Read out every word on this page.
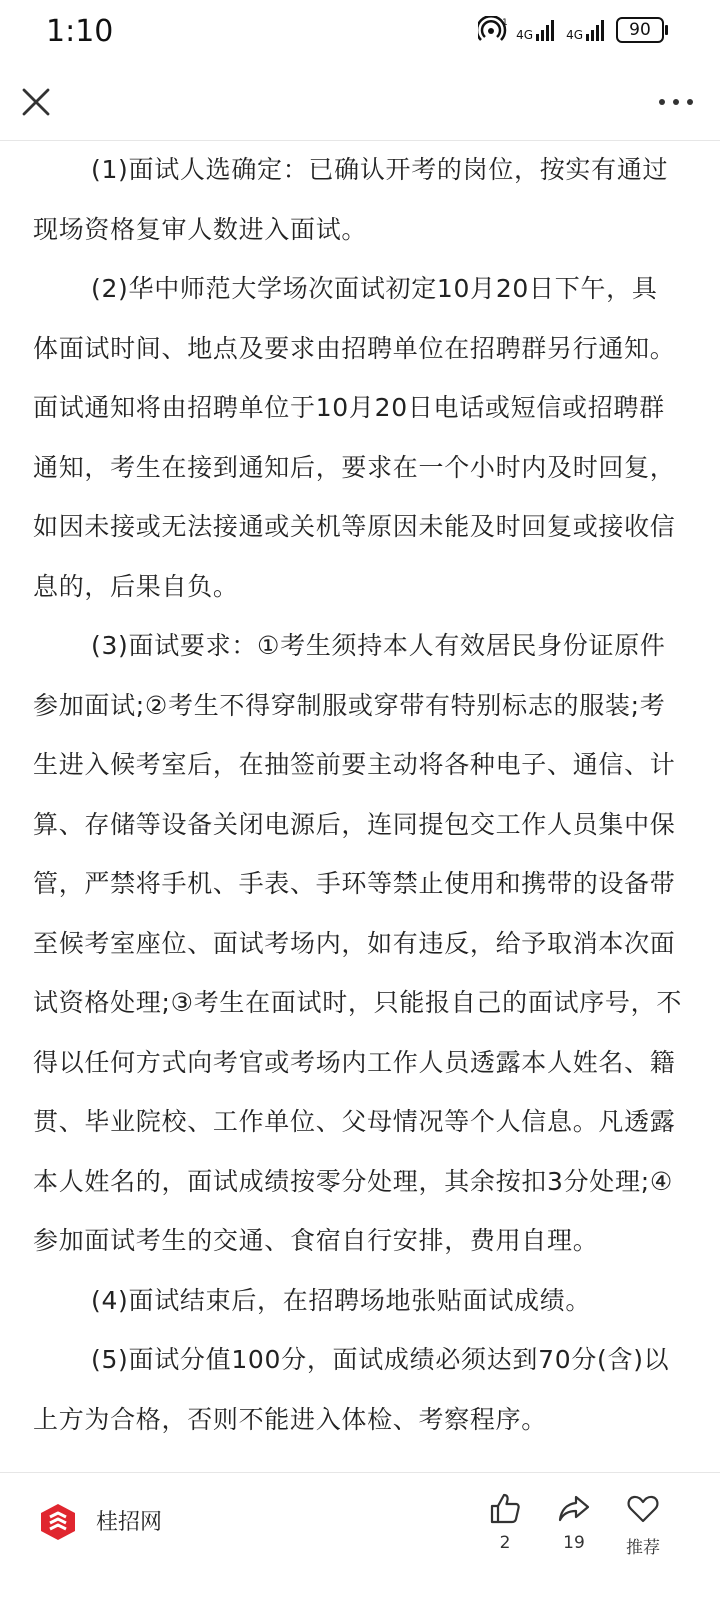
1:10	1
4G	4G	90

(1)面试人选确定：已确认开考的岗位，按实有通过现场资格复审人数进入面试。

(2)华中师范大学场次面试初定10月20日下午，具体面试时间、地点及要求由招聘单位在招聘群另行通知。面试通知将由招聘单位于10月20日电话或短信或招聘群通知，考生在接到通知后，要求在一个小时内及时回复，如因未接或无法接通或关机等原因未能及时回复或接收信息的，后果自负。

(3)面试要求：①考生须持本人有效居民身份证原件参加面试;②考生不得穿制服或穿带有特别标志的服装;考生进入候考室后，在抽签前要主动将各种电子、通信、计算、存储等设备关闭电源后，连同提包交工作人员集中保管，严禁将手机、手表、手环等禁止使用和携带的设备带至候考室座位、面试考场内，如有违反，给予取消本次面试资格处理;③考生在面试时，只能报自己的面试序号，不得以任何方式向考官或考场内工作人员透露本人姓名、籍贯、毕业院校、工作单位、父母情况等个人信息。凡透露本人姓名的，面试成绩按零分处理，其余按扣3分处理;④参加面试考生的交通、食宿自行安排，费用自理。

(4)面试结束后，在招聘场地张贴面试成绩。

(5)面试分值100分，面试成绩必须达到70分(含)以上方为合格，否则不能进入体检、考察程序。

桂招网
2	19	推荐
